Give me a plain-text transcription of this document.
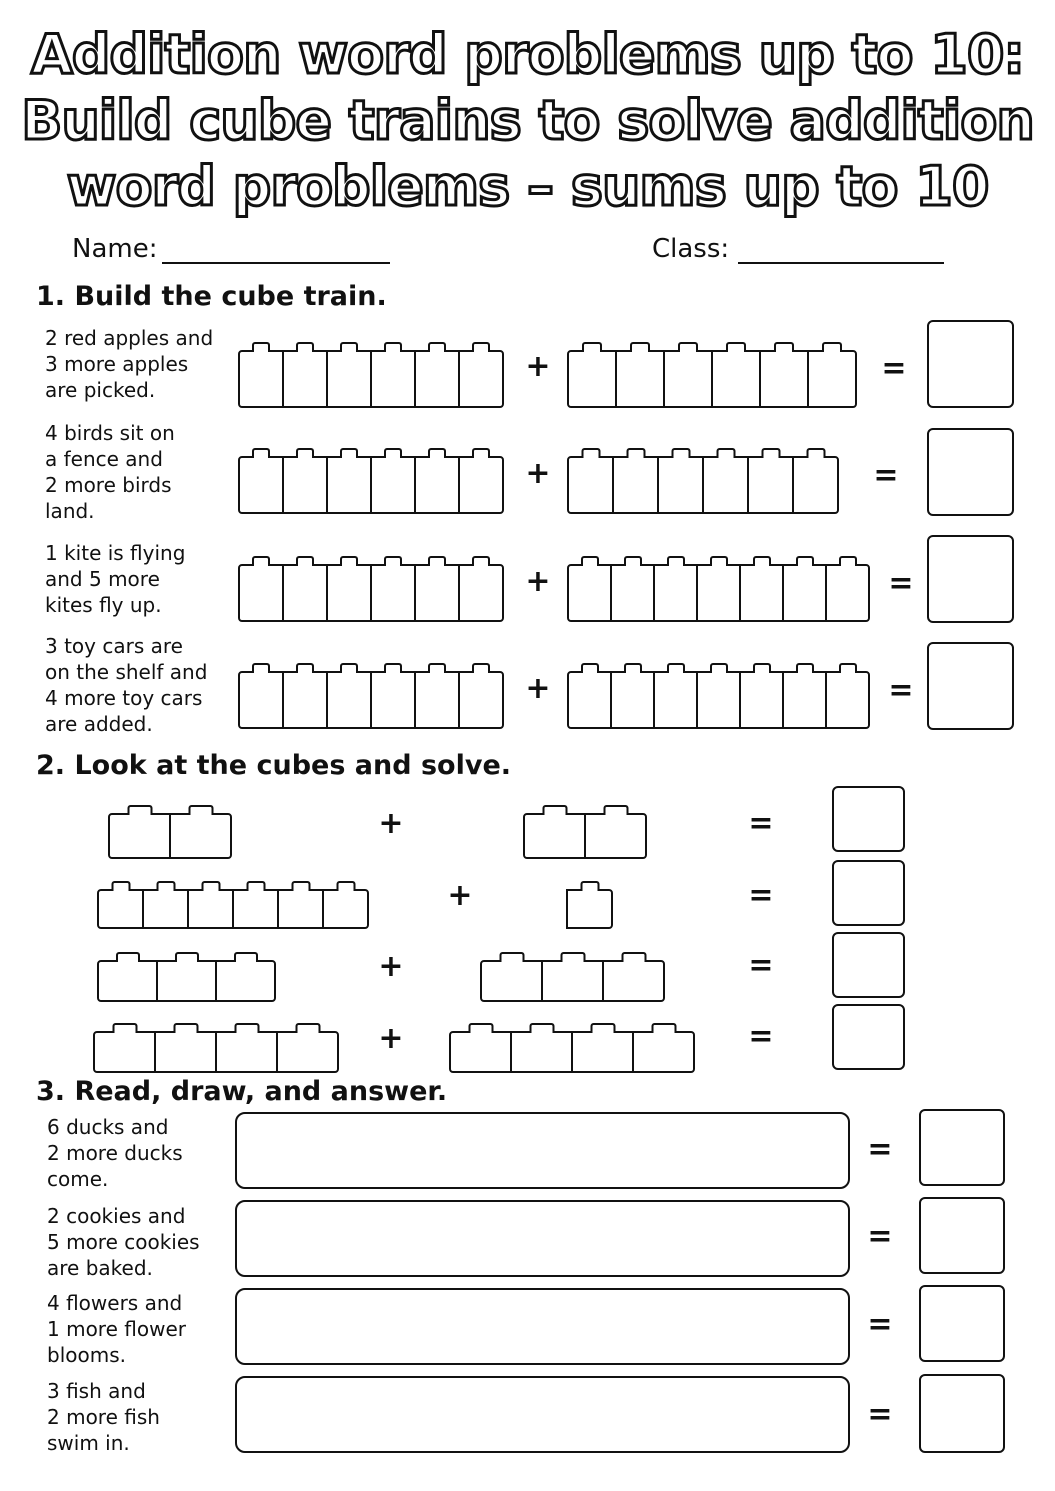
Addition word problems up to 10:
Build cube trains to solve addition
word problems – sums up to 10
Name:	Class:
1. Build the cube train.
2 red apples and
3 more apples
are picked.
+	=
4 birds sit on
a fence and
2 more birds
land.
+	=
1 kite is flying
and 5 more
kites fly up.
+	=
3 toy cars are
on the shelf and
4 more toy cars
are added.
+	=
2. Look at the cubes and solve.
+	=
+	=
+	=
+	=
3. Read, draw, and answer.
6 ducks and
2 more ducks
come.
=
2 cookies and
5 more cookies
are baked.
=
4 flowers and
1 more flower
blooms.
=
3 fish and
2 more fish
swim in.
=
